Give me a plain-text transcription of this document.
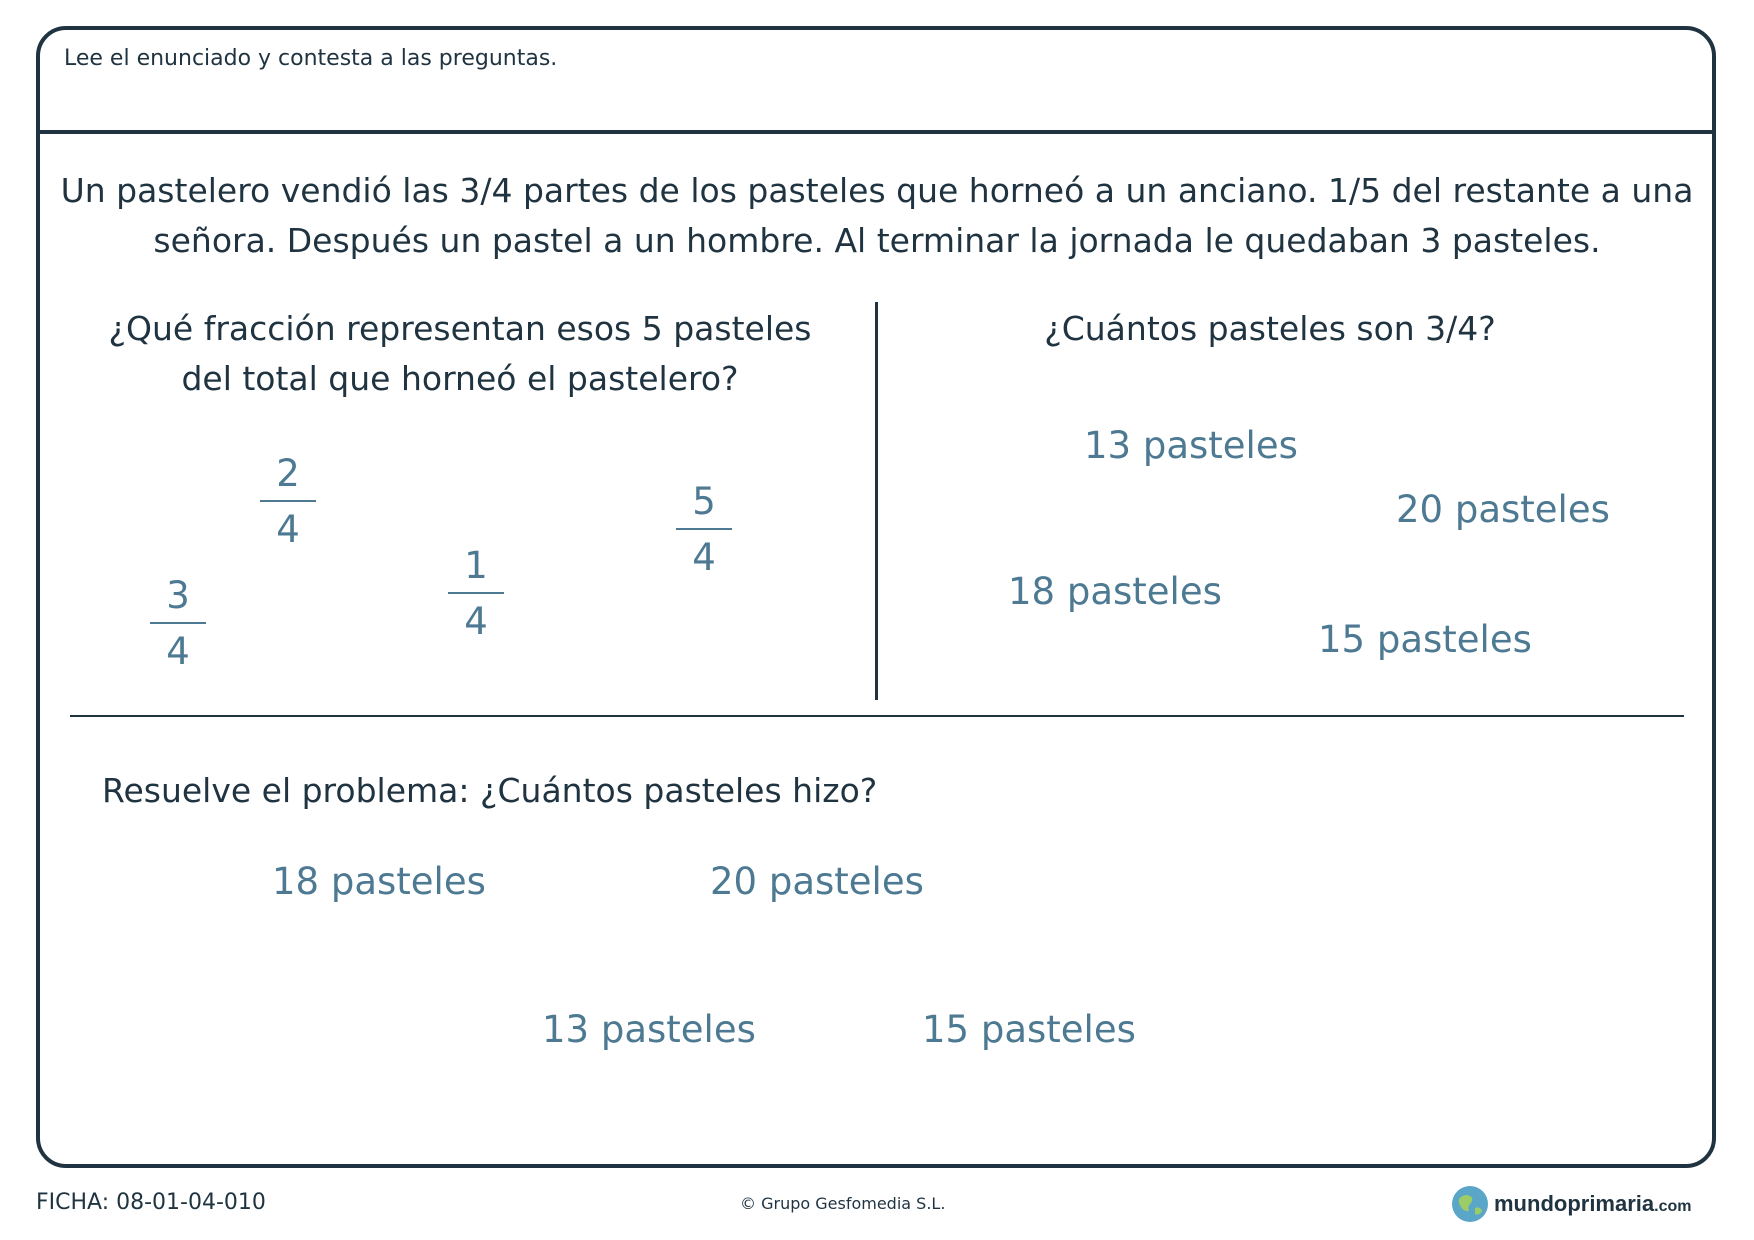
Lee el enunciado y contesta a las preguntas.
Un pastelero vendió las 3/4 partes de los pasteles que horneó a un anciano. 1/5 del restante a una señora. Después un pastel a un hombre. Al terminar la jornada le quedaban 3 pasteles.
¿Qué fracción representan esos 5 pasteles del total que horneó el pastelero?
¿Cuántos pasteles son 3/4?
2
4
5
4
1
4
3
4
13 pasteles
20 pasteles
18 pasteles
15 pasteles
Resuelve el problema: ¿Cuántos pasteles hizo?
18 pasteles	20 pasteles
13 pasteles	15 pasteles
FICHA: 08-01-04-010	© Grupo Gesfomedia S.L.	mundoprimaria.com
